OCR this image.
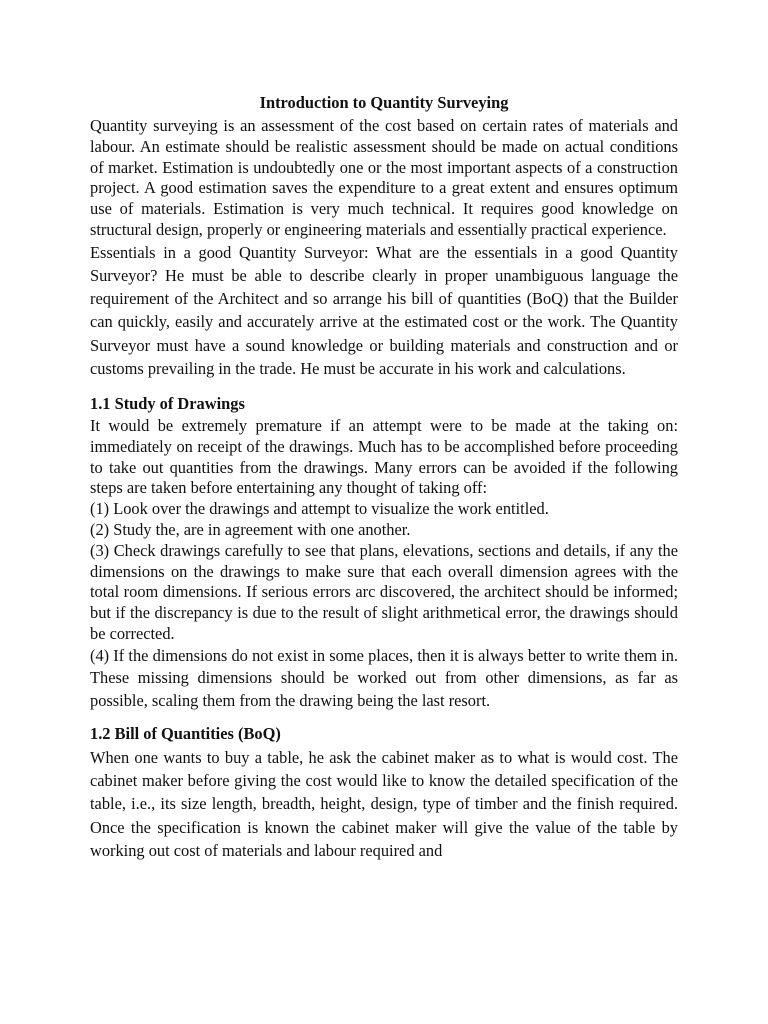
Introduction to Quantity Surveying

Quantity surveying is an assessment of the cost based on certain rates of materials and labour. An estimate should be realistic assessment should be made on actual conditions of market. Estimation is undoubtedly one or the most important aspects of a construction project. A good estimation saves the expenditure to a great extent and ensures optimum use of materials. Estimation is very much technical. It requires good knowledge on structural design, properly or engineering materials and essentially practical experience.

Essentials in a good Quantity Surveyor: What are the essentials in a good Quantity Surveyor? He must be able to describe clearly in proper unambiguous language the requirement of the Architect and so arrange his bill of quantities (BoQ) that the Builder can quickly, easily and accurately arrive at the estimated cost or the work. The Quantity Surveyor must have a sound knowledge or building materials and construction and or customs prevailing in the trade. He must be accurate in his work and calculations.

1.1 Study of Drawings

It would be extremely premature if an attempt were to be made at the taking on: immediately on receipt of the drawings. Much has to be accomplished before proceeding to take out quantities from the drawings. Many errors can be avoided if the following steps are taken before entertaining any thought of taking off:

(1) Look over the drawings and attempt to visualize the work entitled.

(2) Study the, are in agreement with one another.

(3) Check drawings carefully to see that plans, elevations, sections and details, if any the dimensions on the drawings to make sure that each overall dimension agrees with the total room dimensions. If serious errors arc discovered, the architect should be informed; but if the discrepancy is due to the result of slight arithmetical error, the drawings should be corrected.

(4) If the dimensions do not exist in some places, then it is always better to write them in. These missing dimensions should be worked out from other dimensions, as far as possible, scaling them from the drawing being the last resort.

1.2 Bill of Quantities (BoQ)

When one wants to buy a table, he ask the cabinet maker as to what is would cost. The cabinet maker before giving the cost would like to know the detailed specification of the table, i.e., its size length, breadth, height, design, type of timber and the finish required. Once the specification is known the cabinet maker will give the value of the table by working out cost of materials and labour required and
